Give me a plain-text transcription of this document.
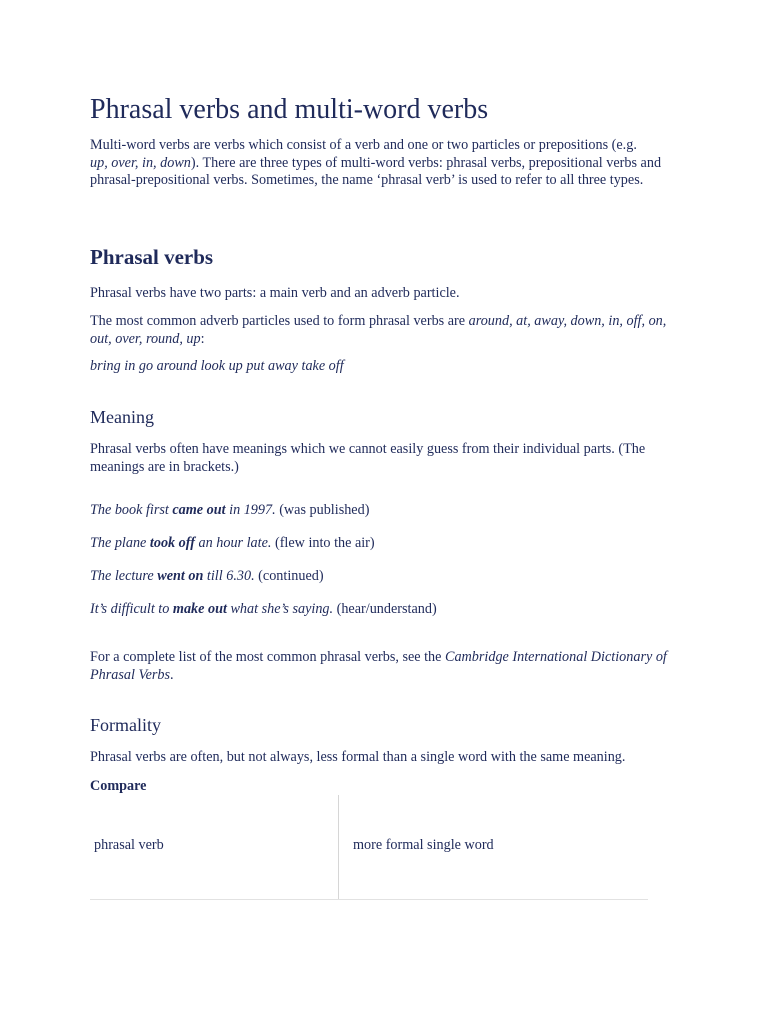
Phrasal verbs and multi-word verbs

Multi-word verbs are verbs which consist of a verb and one or two particles or prepositions (e.g.
up, over, in, down). There are three types of multi-word verbs: phrasal verbs, prepositional verbs and phrasal-prepositional verbs. Sometimes, the name ‘phrasal verb’ is used to refer to all three types.

Phrasal verbs

Phrasal verbs have two parts: a main verb and an adverb particle.

The most common adverb particles used to form phrasal verbs are around, at, away, down, in, off, on, out, over, round, up:

bring in go around look up put away take off

Meaning

Phrasal verbs often have meanings which we cannot easily guess from their individual parts. (The meanings are in brackets.)

The book first came out in 1997. (was published)

The plane took off an hour late. (flew into the air)

The lecture went on till 6.30. (continued)

It’s difficult to make out what she’s saying. (hear/understand)

For a complete list of the most common phrasal verbs, see the Cambridge International Dictionary of Phrasal Verbs.

Formality

Phrasal verbs are often, but not always, less formal than a single word with the same meaning.

Compare

phrasal verb	more formal single word
